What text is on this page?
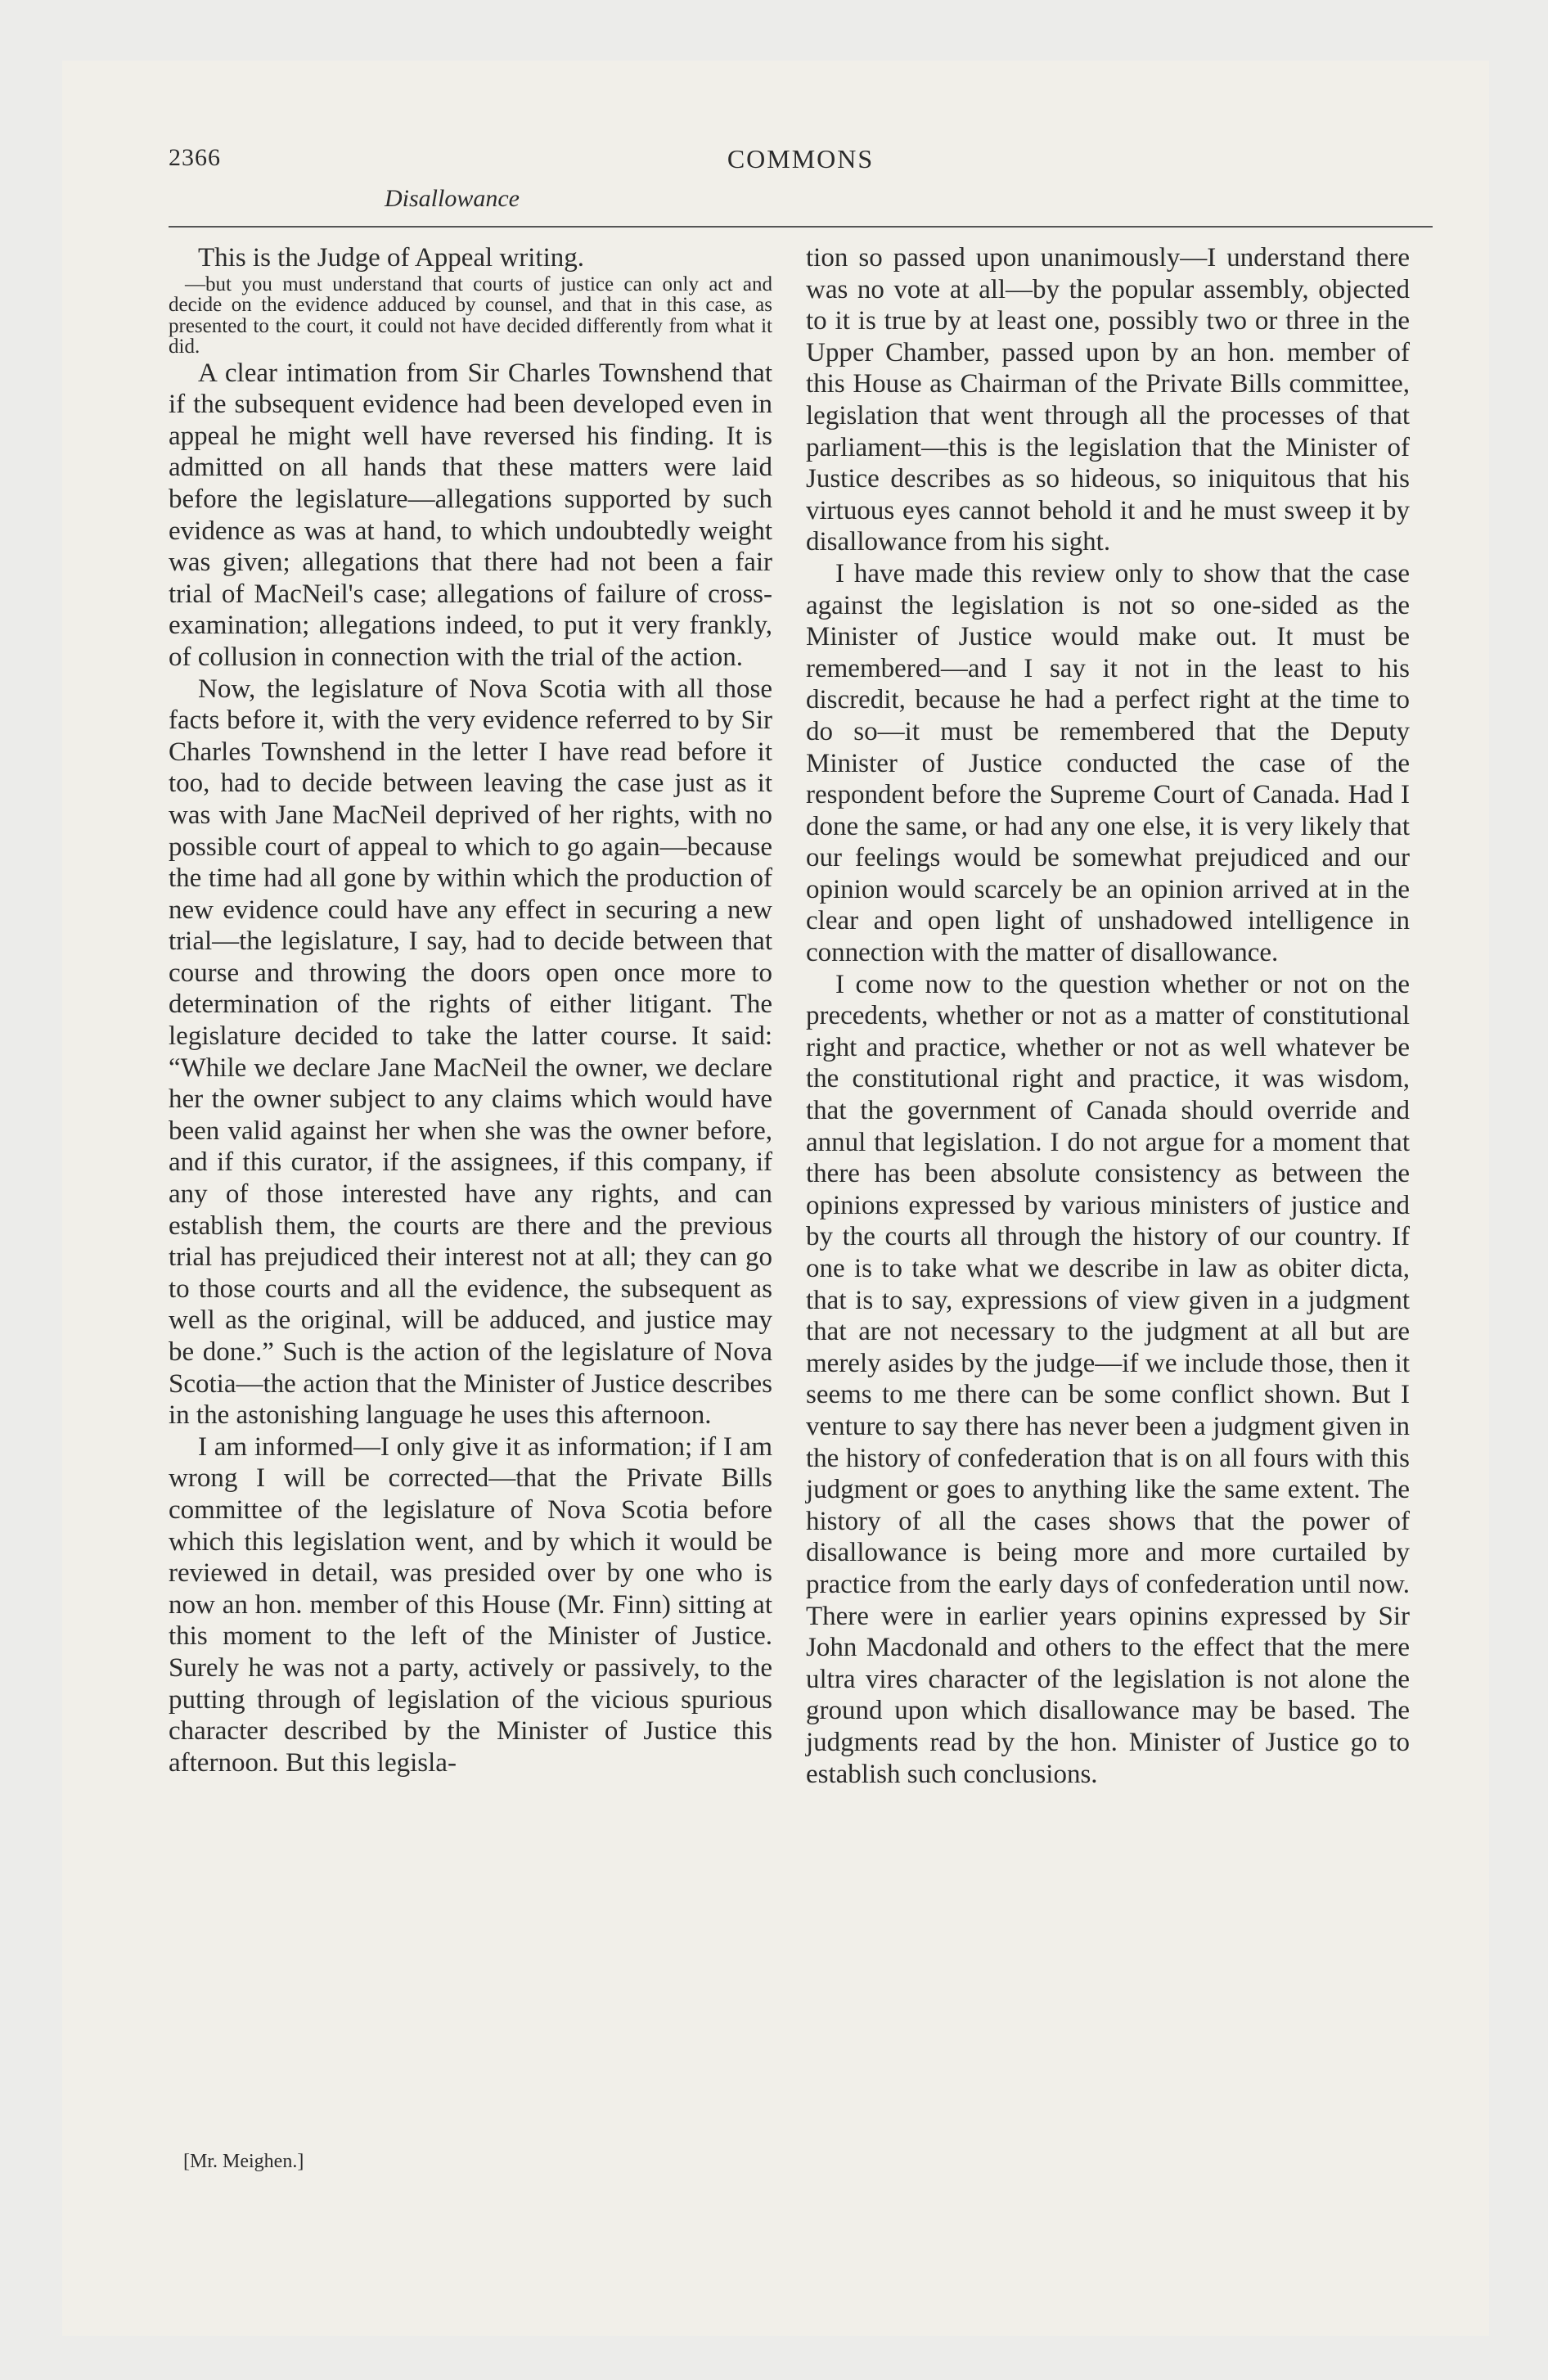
2366	COMMONS
Disallowance

This is the Judge of Appeal writing.

—but you must understand that courts of justice can only act and decide on the evidence adduced by counsel, and that in this case, as presented to the court, it could not have decided differently from what it did.

A clear intimation from Sir Charles Townshend that if the subsequent evidence had been developed even in appeal he might well have reversed his finding. It is admitted on all hands that these matters were laid before the legislature—allegations supported by such evidence as was at hand, to which undoubtedly weight was given; allegations that there had not been a fair trial of MacNeil's case; allegations of failure of cross-examination; allegations indeed, to put it very frankly, of collusion in connection with the trial of the action.

Now, the legislature of Nova Scotia with all those facts before it, with the very evidence referred to by Sir Charles Townshend in the letter I have read before it too, had to decide between leaving the case just as it was with Jane MacNeil deprived of her rights, with no possible court of appeal to which to go again—because the time had all gone by within which the production of new evidence could have any effect in securing a new trial—the legislature, I say, had to decide between that course and throwing the doors open once more to determination of the rights of either litigant. The legislature decided to take the latter course. It said: “While we declare Jane MacNeil the owner, we declare her the owner subject to any claims which would have been valid against her when she was the owner before, and if this curator, if the assignees, if this company, if any of those interested have any rights, and can establish them, the courts are there and the previous trial has prejudiced their interest not at all; they can go to those courts and all the evidence, the subsequent as well as the original, will be adduced, and justice may be done.” Such is the action of the legislature of Nova Scotia—the action that the Minister of Justice describes in the astonishing language he uses this afternoon.

I am informed—I only give it as information; if I am wrong I will be corrected—that the Private Bills committee of the legislature of Nova Scotia before which this legislation went, and by which it would be reviewed in detail, was presided over by one who is now an hon. member of this House (Mr. Finn) sitting at this moment to the left of the Minister of Justice. Surely he was not a party, actively or passively, to the putting through of legislation of the vicious spurious character described by the Minister of Justice this afternoon. But this legisla-

tion so passed upon unanimously—I understand there was no vote at all—by the popular assembly, objected to it is true by at least one, possibly two or three in the Upper Chamber, passed upon by an hon. member of this House as Chairman of the Private Bills committee, legislation that went through all the processes of that parliament—this is the legislation that the Minister of Justice describes as so hideous, so iniquitous that his virtuous eyes cannot behold it and he must sweep it by disallowance from his sight.

I have made this review only to show that the case against the legislation is not so one-sided as the Minister of Justice would make out. It must be remembered—and I say it not in the least to his discredit, because he had a perfect right at the time to do so—it must be remembered that the Deputy Minister of Justice conducted the case of the respondent before the Supreme Court of Canada. Had I done the same, or had any one else, it is very likely that our feelings would be somewhat prejudiced and our opinion would scarcely be an opinion arrived at in the clear and open light of unshadowed intelligence in connection with the matter of disallowance.

I come now to the question whether or not on the precedents, whether or not as a matter of constitutional right and practice, whether or not as well whatever be the constitutional right and practice, it was wisdom, that the government of Canada should override and annul that legislation. I do not argue for a moment that there has been absolute consistency as between the opinions expressed by various ministers of justice and by the courts all through the history of our country. If one is to take what we describe in law as obiter dicta, that is to say, expressions of view given in a judgment that are not necessary to the judgment at all but are merely asides by the judge—if we include those, then it seems to me there can be some conflict shown. But I venture to say there has never been a judgment given in the history of confederation that is on all fours with this judgment or goes to anything like the same extent. The history of all the cases shows that the power of disallowance is being more and more curtailed by practice from the early days of confederation until now. There were in earlier years opinins expressed by Sir John Macdonald and others to the effect that the mere ultra vires character of the legislation is not alone the ground upon which disallowance may be based. The judgments read by the hon. Minister of Justice go to establish such conclusions.

[Mr. Meighen.]
